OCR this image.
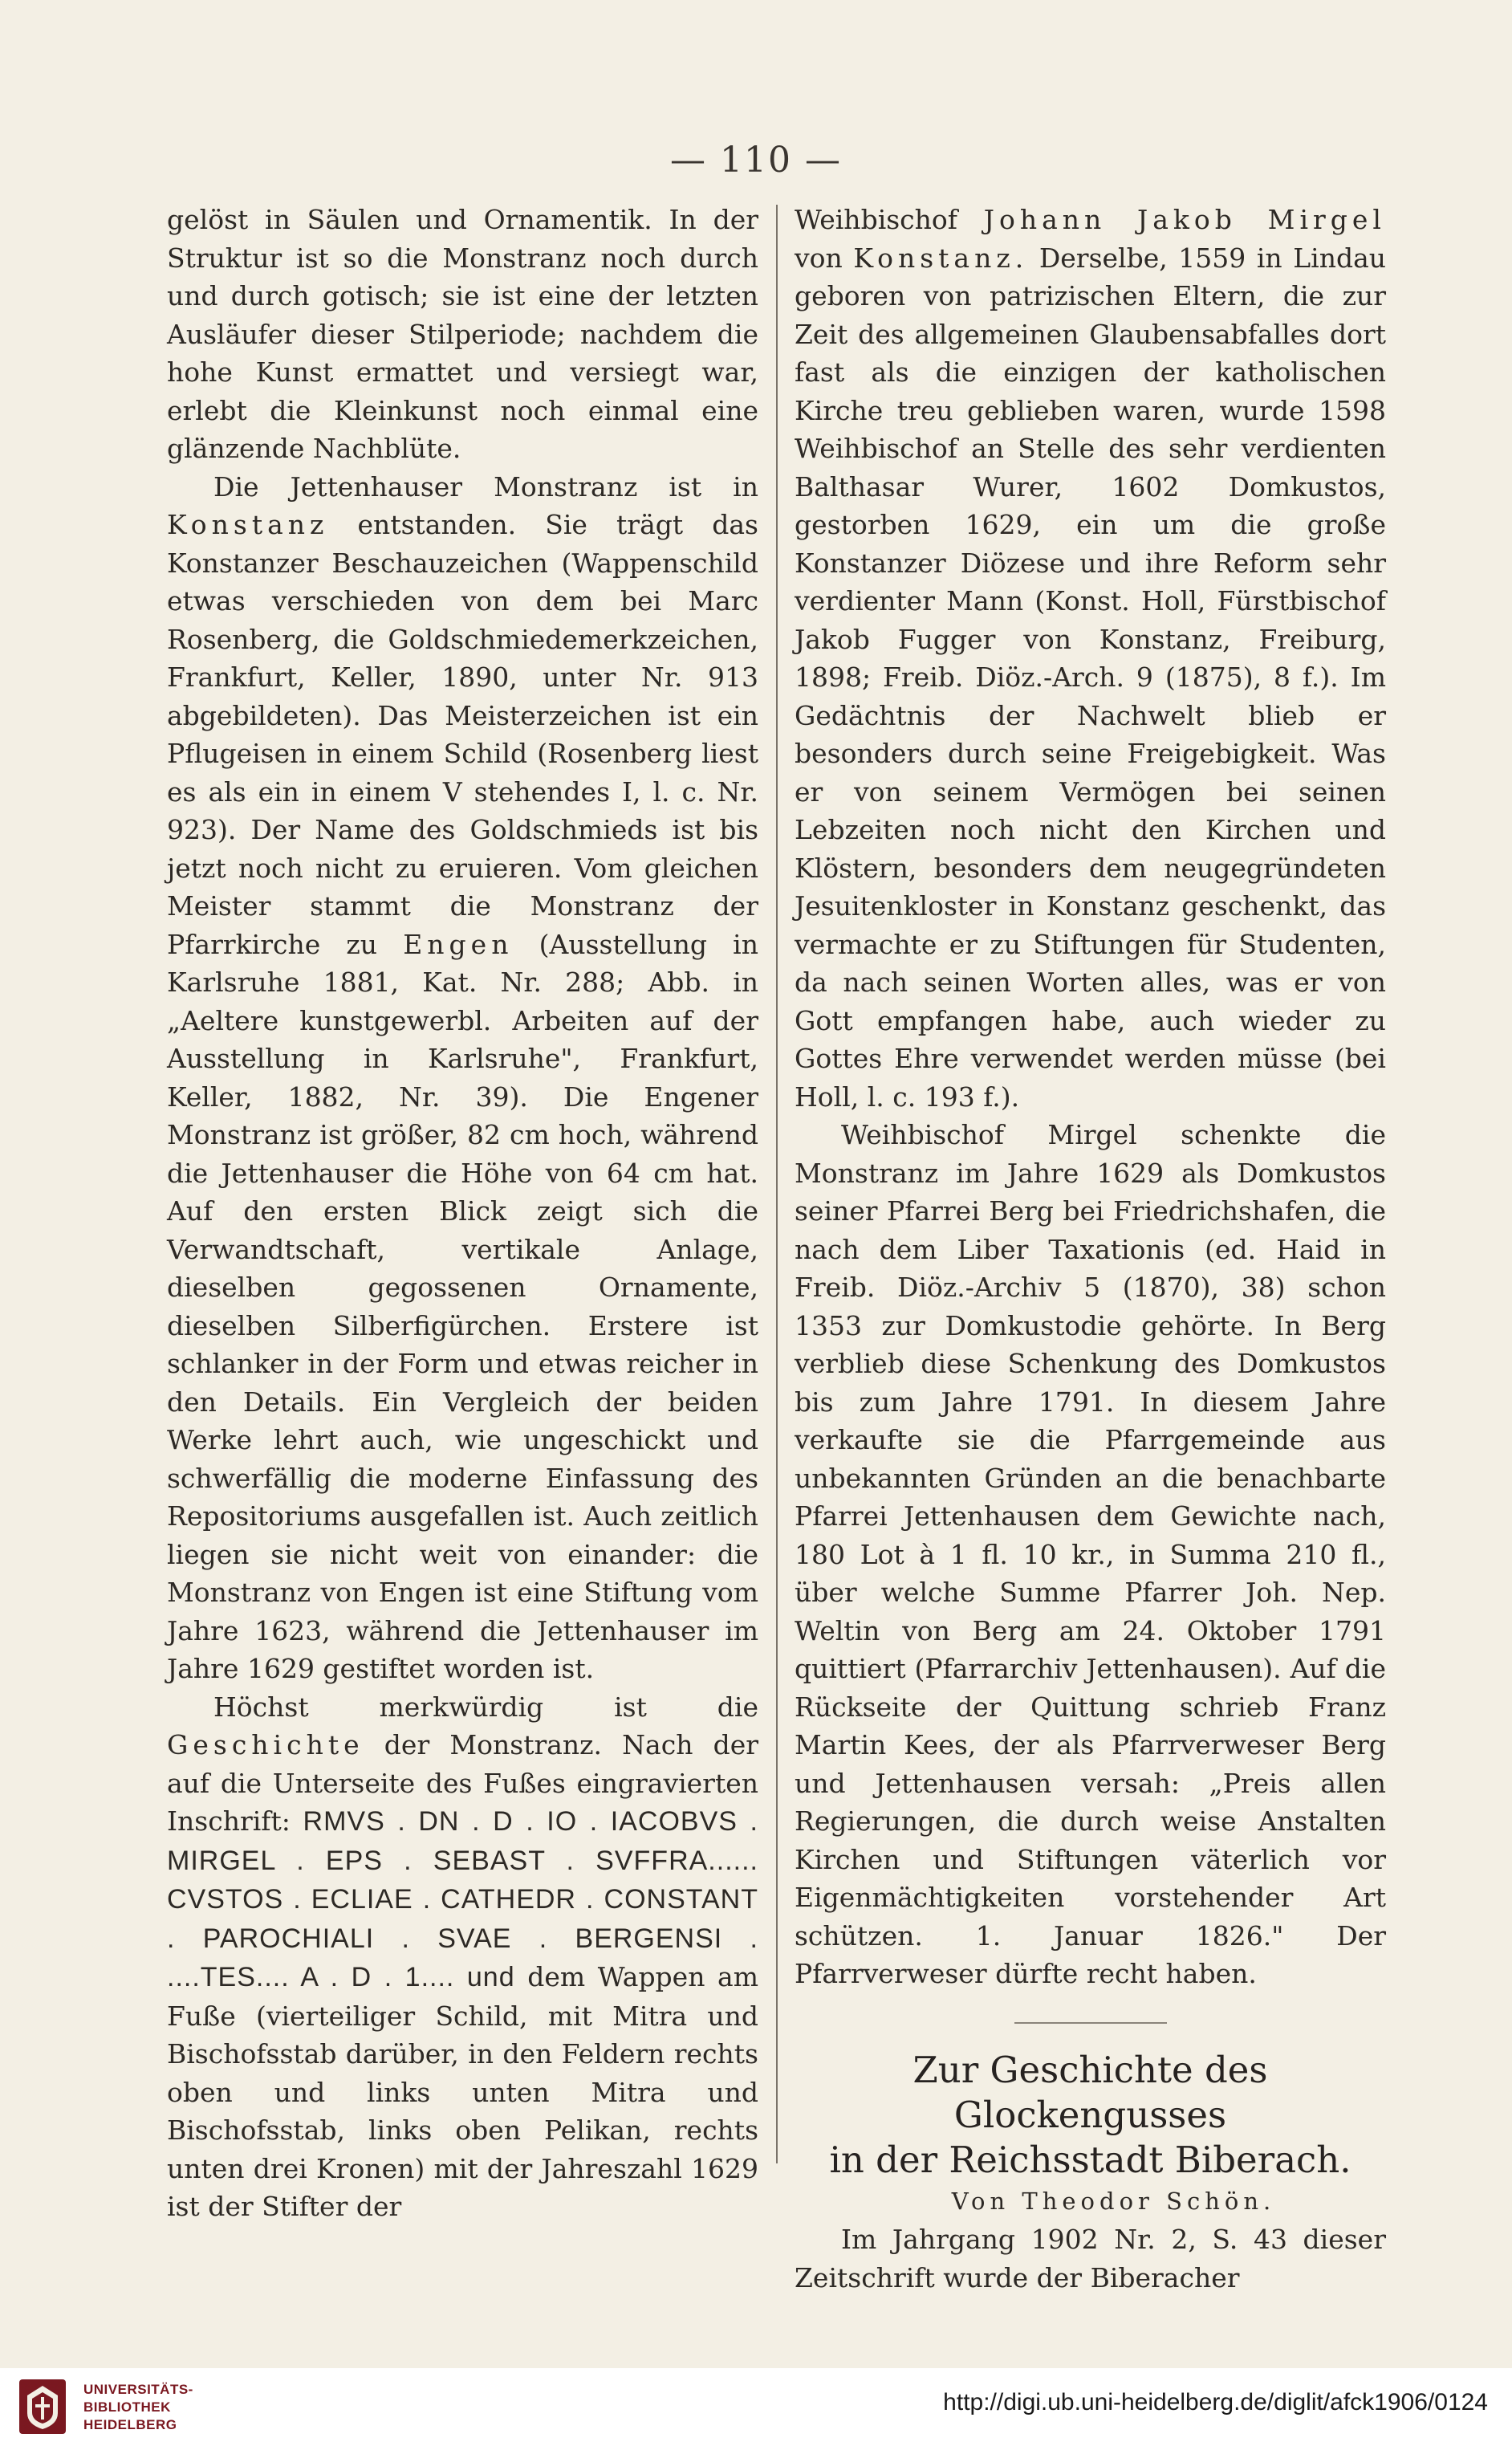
— 110 —

gelöst in Säulen und Ornamentik. In der Struktur ist so die Monstranz noch durch und durch gotisch; sie ist eine der letzten Ausläufer dieser Stilperiode; nachdem die hohe Kunst ermattet und versiegt war, erlebt die Kleinkunst noch einmal eine glänzende Nachblüte.

Die Jettenhauser Monstranz ist in Konstanz entstanden. Sie trägt das Konstanzer Beschauzeichen (Wappenschild etwas verschieden von dem bei Marc Rosenberg, die Goldschmiedemerkzeichen, Frankfurt, Keller, 1890, unter Nr. 913 abgebildeten). Das Meisterzeichen ist ein Pflugeisen in einem Schild (Rosenberg liest es als ein in einem V stehendes I, l. c. Nr. 923). Der Name des Goldschmieds ist bis jetzt noch nicht zu eruieren. Vom gleichen Meister stammt die Monstranz der Pfarrkirche zu Engen (Ausstellung in Karlsruhe 1881, Kat. Nr. 288; Abb. in „Aeltere kunstgewerbl. Arbeiten auf der Ausstellung in Karlsruhe", Frankfurt, Keller, 1882, Nr. 39). Die Engener Monstranz ist größer, 82 cm hoch, während die Jettenhauser die Höhe von 64 cm hat. Auf den ersten Blick zeigt sich die Verwandtschaft, vertikale Anlage, dieselben gegossenen Ornamente, dieselben Silberfigürchen. Erstere ist schlanker in der Form und etwas reicher in den Details. Ein Vergleich der beiden Werke lehrt auch, wie ungeschickt und schwerfällig die moderne Einfassung des Repositoriums ausgefallen ist. Auch zeitlich liegen sie nicht weit von einander: die Monstranz von Engen ist eine Stiftung vom Jahre 1623, während die Jettenhauser im Jahre 1629 gestiftet worden ist.

Höchst merkwürdig ist die Geschichte der Monstranz. Nach der auf die Unterseite des Fußes eingravierten Inschrift: RMVS . DN . D . IO . IACOBVS . MIRGEL . EPS . SEBAST . SVFFRA...... CVSTOS . ECLIAE . CATHEDR . CONSTANT . PAROCHIALI . SVAE . BERGENSI . ....TES.... A . D . 1.... und dem Wappen am Fuße (vierteiliger Schild, mit Mitra und Bischofsstab darüber, in den Feldern rechts oben und links unten Mitra und Bischofsstab, links oben Pelikan, rechts unten drei Kronen) mit der Jahreszahl 1629 ist der Stifter der

Weihbischof Johann Jakob Mirgel von Konstanz. Derselbe, 1559 in Lindau geboren von patrizischen Eltern, die zur Zeit des allgemeinen Glaubensabfalles dort fast als die einzigen der katholischen Kirche treu geblieben waren, wurde 1598 Weihbischof an Stelle des sehr verdienten Balthasar Wurer, 1602 Domkustos, gestorben 1629, ein um die große Konstanzer Diözese und ihre Reform sehr verdienter Mann (Konst. Holl, Fürstbischof Jakob Fugger von Konstanz, Freiburg, 1898; Freib. Diöz.-Arch. 9 (1875), 8 f.). Im Gedächtnis der Nachwelt blieb er besonders durch seine Freigebigkeit. Was er von seinem Vermögen bei seinen Lebzeiten noch nicht den Kirchen und Klöstern, besonders dem neugegründeten Jesuitenkloster in Konstanz geschenkt, das vermachte er zu Stiftungen für Studenten, da nach seinen Worten alles, was er von Gott empfangen habe, auch wieder zu Gottes Ehre verwendet werden müsse (bei Holl, l. c. 193 f.).

Weihbischof Mirgel schenkte die Monstranz im Jahre 1629 als Domkustos seiner Pfarrei Berg bei Friedrichshafen, die nach dem Liber Taxationis (ed. Haid in Freib. Diöz.-Archiv 5 (1870), 38) schon 1353 zur Domkustodie gehörte. In Berg verblieb diese Schenkung des Domkustos bis zum Jahre 1791. In diesem Jahre verkaufte sie die Pfarrgemeinde aus unbekannten Gründen an die benachbarte Pfarrei Jettenhausen dem Gewichte nach, 180 Lot à 1 fl. 10 kr., in Summa 210 fl., über welche Summe Pfarrer Joh. Nep. Weltin von Berg am 24. Oktober 1791 quittiert (Pfarrarchiv Jettenhausen). Auf die Rückseite der Quittung schrieb Franz Martin Kees, der als Pfarrverweser Berg und Jettenhausen versah: „Preis allen Regierungen, die durch weise Anstalten Kirchen und Stiftungen väterlich vor Eigenmächtigkeiten vorstehender Art schützen. 1. Januar 1826." Der Pfarrverweser dürfte recht haben.

Zur Geschichte des Glockengusses
in der Reichsstadt Biberach.

Von Theodor Schön.

Im Jahrgang 1902 Nr. 2, S. 43 dieser Zeitschrift wurde der Biberacher

UNIVERSITÄTS-
BIBLIOTHEK
HEIDELBERG
http://digi.ub.uni-heidelberg.de/diglit/afck1906/0124
